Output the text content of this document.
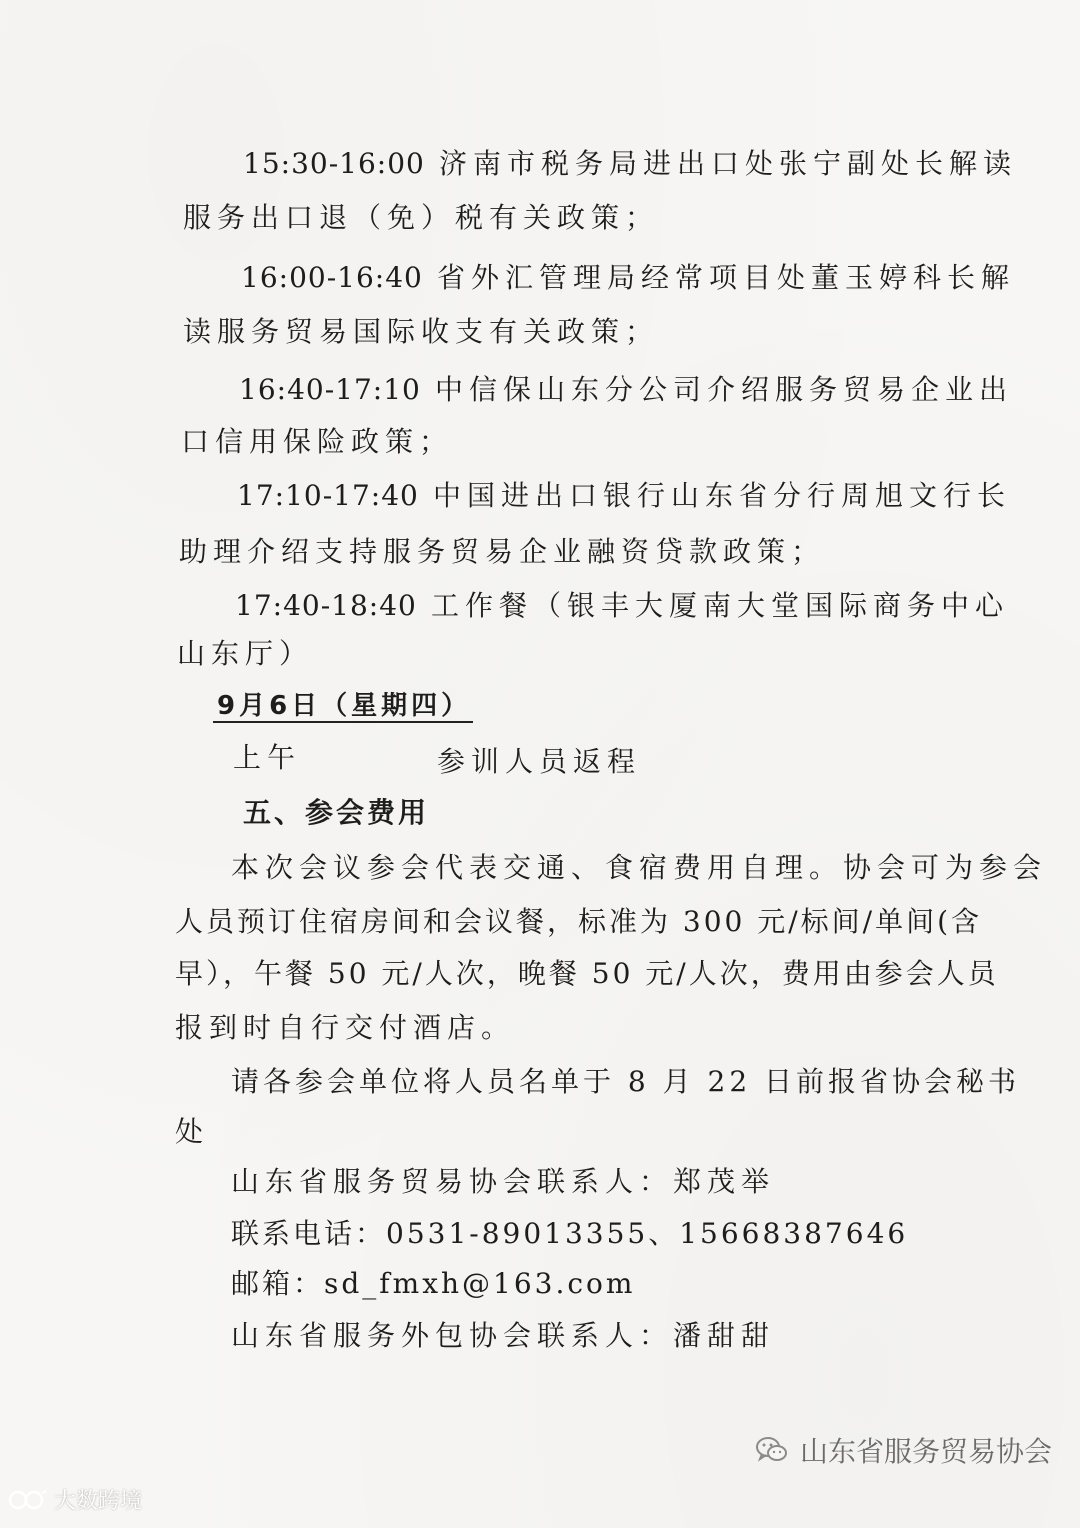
15:30-16:00 济南市税务局进出口处张宁副处长解读
服务出口退（免）税有关政策；
16:00-16:40 省外汇管理局经常项目处董玉婷科长解
读服务贸易国际收支有关政策；
16:40-17:10 中信保山东分公司介绍服务贸易企业出
口信用保险政策；
17:10-17:40 中国进出口银行山东省分行周旭文行长
助理介绍支持服务贸易企业融资贷款政策；
17:40-18:40 工作餐（银丰大厦南大堂国际商务中心
山东厅）
9月6日（星期四）
上午	参训人员返程
五、参会费用
本次会议参会代表交通、食宿费用自理。协会可为参会
人员预订住宿房间和会议餐，标准为 300 元/标间/单间(含
早），午餐 50 元/人次，晚餐 50 元/人次，费用由参会人员
报到时自行交付酒店。
请各参会单位将人员名单于 8 月 22 日前报省协会秘书
处
山东省服务贸易协会联系人：郑茂举
联系电话：0531-89013355、15668387646
邮箱：sd_fmxh@163.com
山东省服务外包协会联系人：潘甜甜
山东省服务贸易协会
大数跨境
